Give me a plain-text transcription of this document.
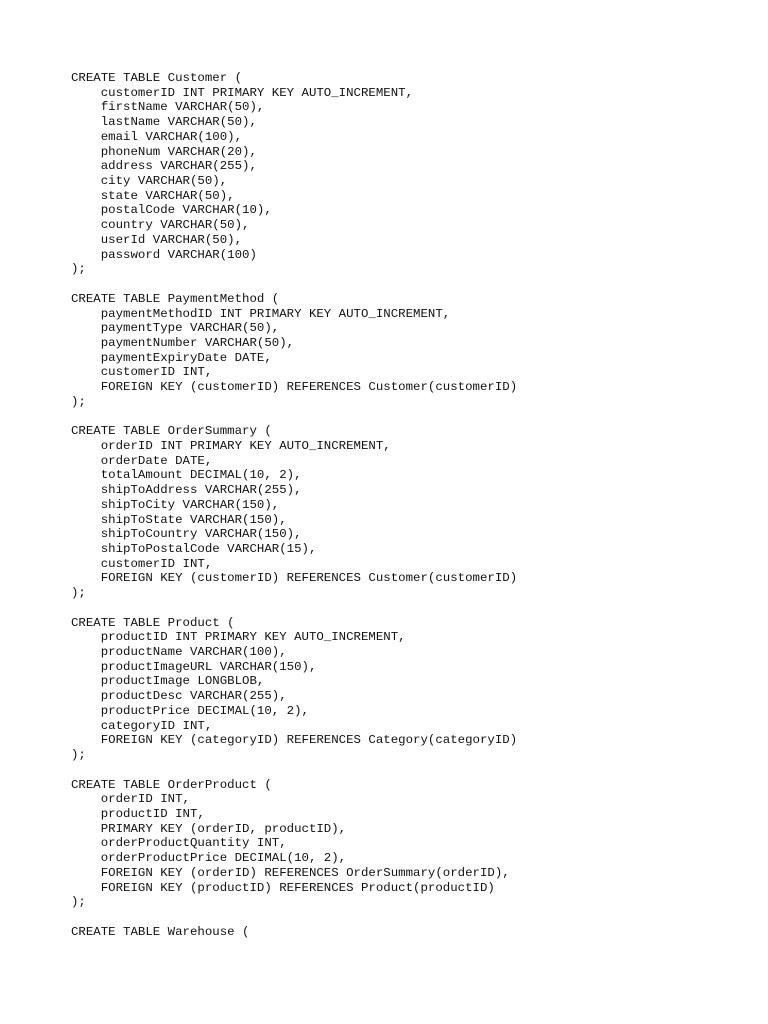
CREATE TABLE Customer (
customerID INT PRIMARY KEY AUTO_INCREMENT,
firstName VARCHAR(50),
lastName VARCHAR(50),
email VARCHAR(100),
phoneNum VARCHAR(20),
address VARCHAR(255),
city VARCHAR(50),
state VARCHAR(50),
postalCode VARCHAR(10),
country VARCHAR(50),
userId VARCHAR(50),
password VARCHAR(100)
);
CREATE TABLE PaymentMethod (
paymentMethodID INT PRIMARY KEY AUTO_INCREMENT,
paymentType VARCHAR(50),
paymentNumber VARCHAR(50),
paymentExpiryDate DATE,
customerID INT,
FOREIGN KEY (customerID) REFERENCES Customer(customerID)
);
CREATE TABLE OrderSummary (
orderID INT PRIMARY KEY AUTO_INCREMENT,
orderDate DATE,
totalAmount DECIMAL(10, 2),
shipToAddress VARCHAR(255),
shipToCity VARCHAR(150),
shipToState VARCHAR(150),
shipToCountry VARCHAR(150),
shipToPostalCode VARCHAR(15),
customerID INT,
FOREIGN KEY (customerID) REFERENCES Customer(customerID)
);
CREATE TABLE Product (
productID INT PRIMARY KEY AUTO_INCREMENT,
productName VARCHAR(100),
productImageURL VARCHAR(150),
productImage LONGBLOB,
productDesc VARCHAR(255),
productPrice DECIMAL(10, 2),
categoryID INT,
FOREIGN KEY (categoryID) REFERENCES Category(categoryID)
);
CREATE TABLE OrderProduct (
orderID INT,
productID INT,
PRIMARY KEY (orderID, productID),
orderProductQuantity INT,
orderProductPrice DECIMAL(10, 2),
FOREIGN KEY (orderID) REFERENCES OrderSummary(orderID),
FOREIGN KEY (productID) REFERENCES Product(productID)
);
CREATE TABLE Warehouse (
